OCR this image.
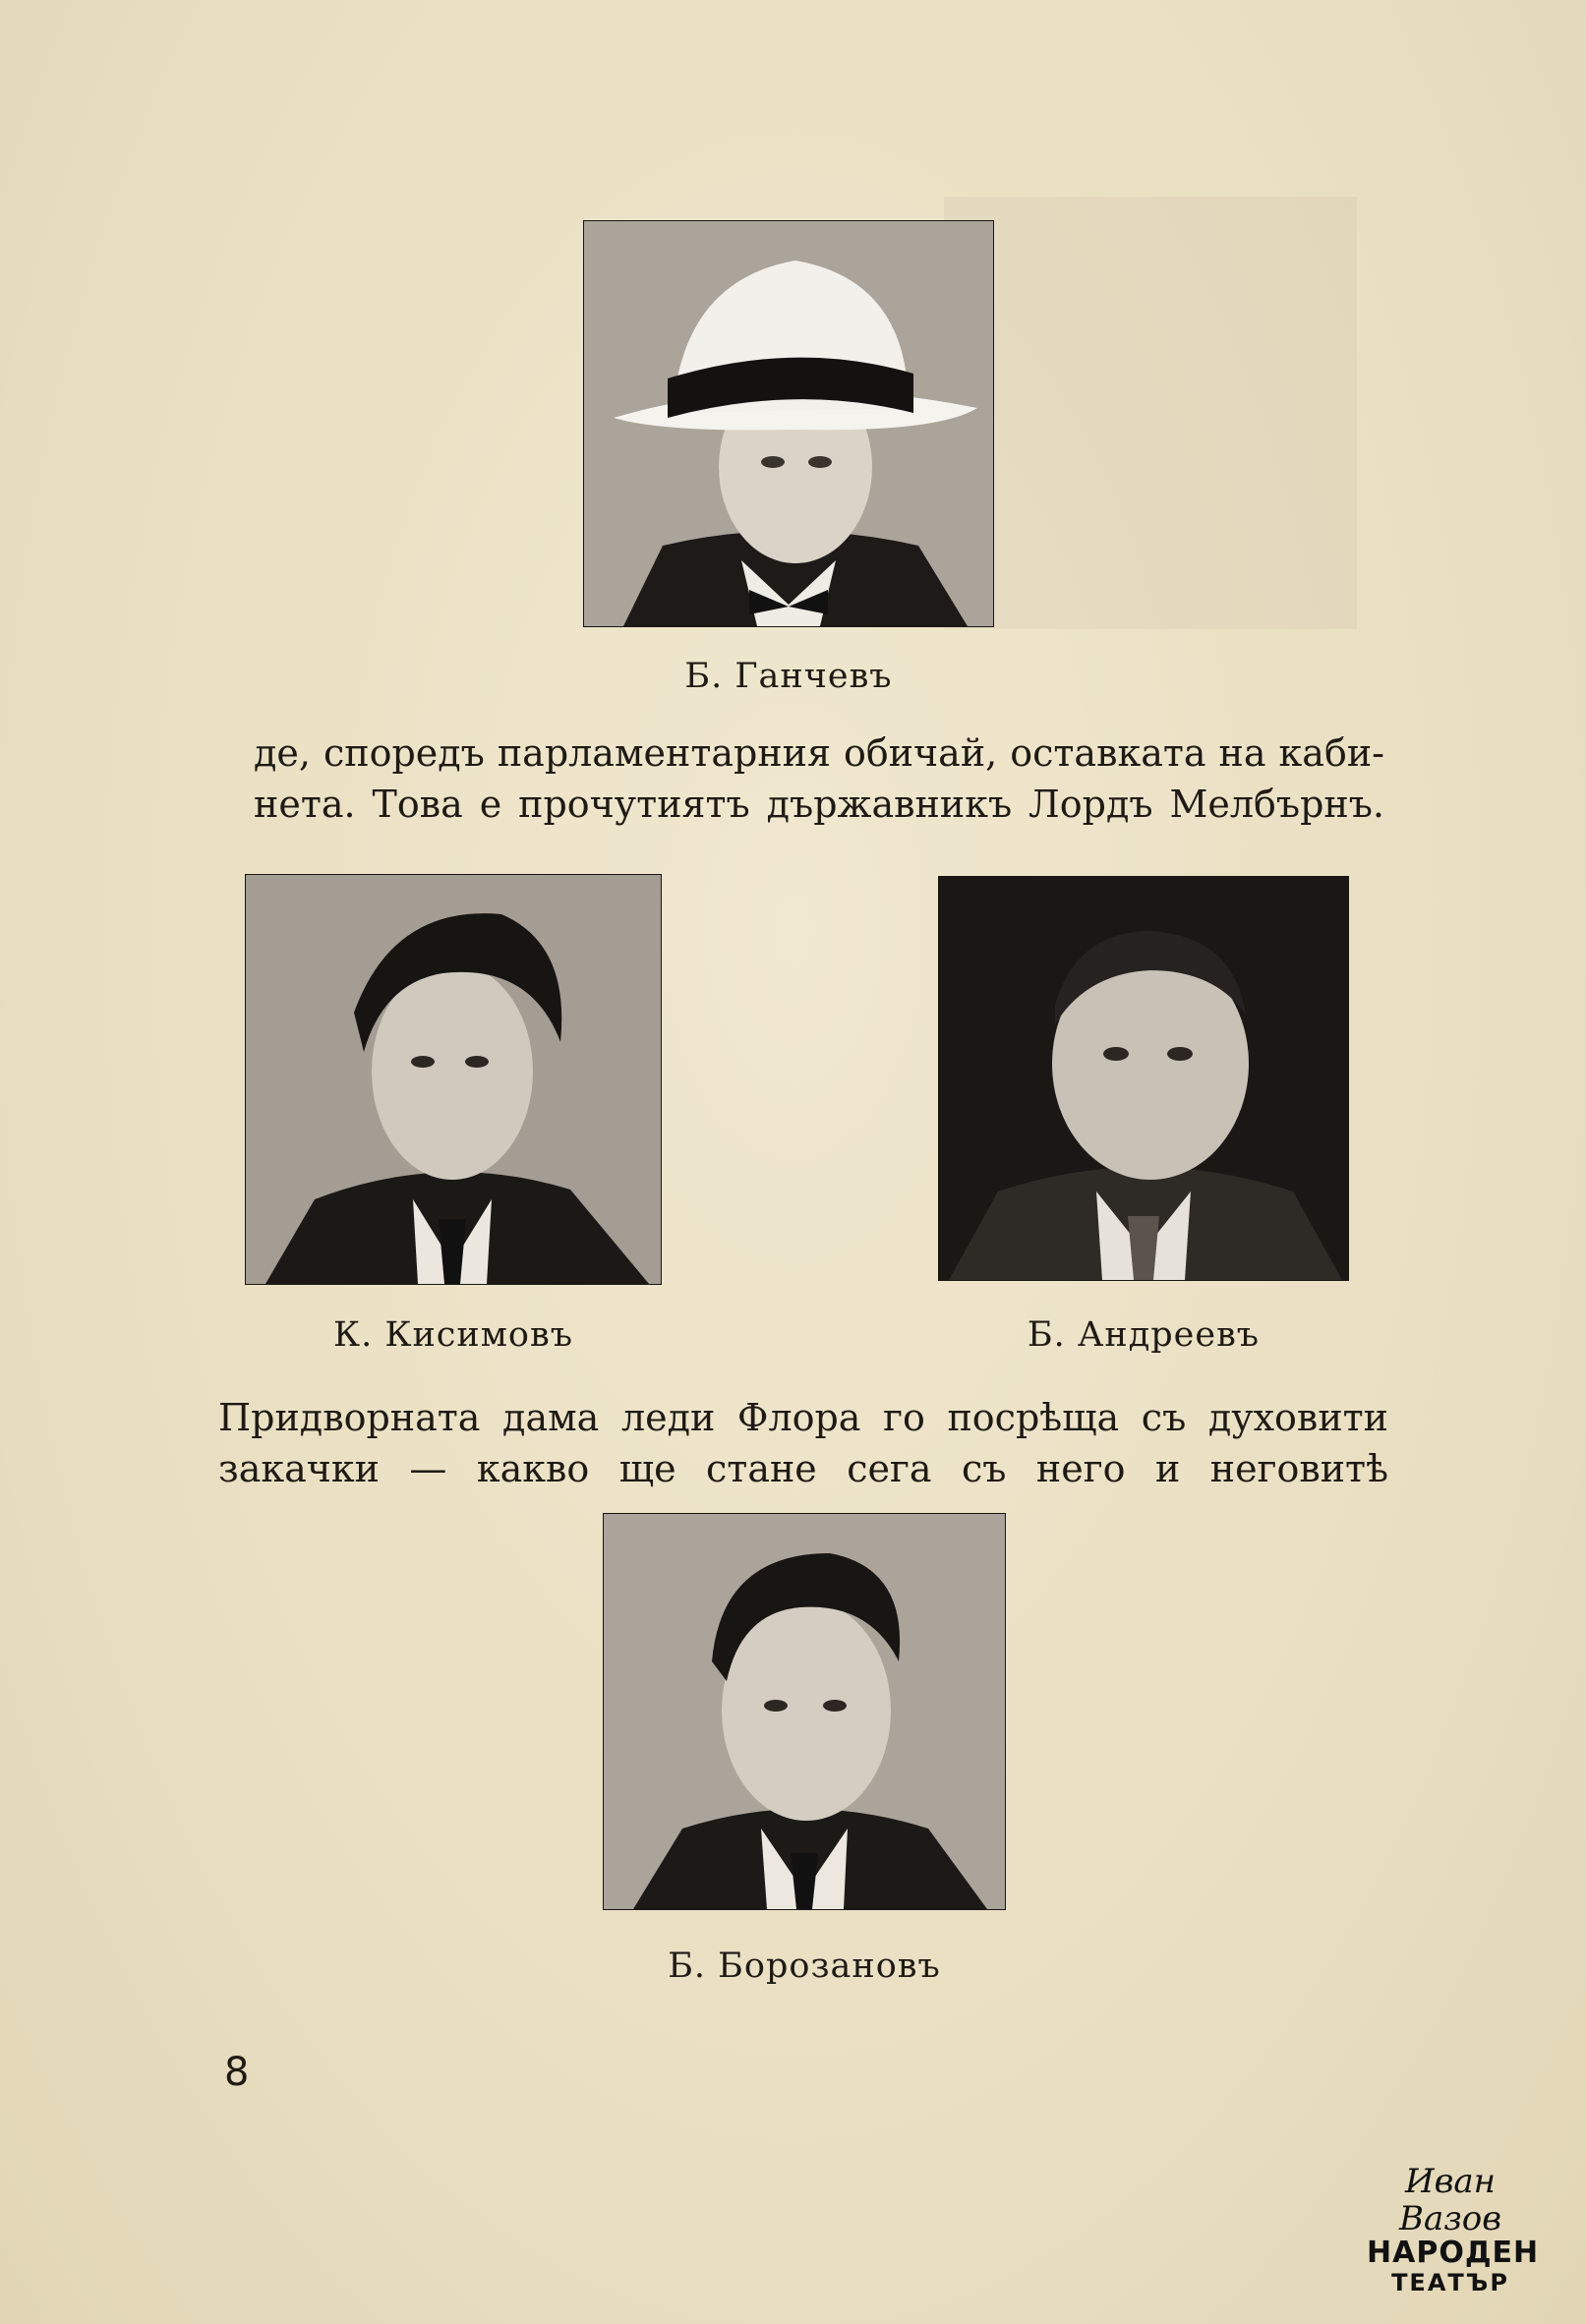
Б. Ганчевъ
де, споредъ парламентарния обичай, оставката на каби-
нета. Това е прочутиятъ държавникъ Лордъ Мелбърнъ.
К. Кисимовъ	Б. Андреевъ
Придворната дама леди Флора го посрѣща съ духовити
закачки — какво ще стане сега съ него и неговитѣ
Б. Борозановъ
8
Иван Вазов
НАРОДЕН
ТЕАТЪР
